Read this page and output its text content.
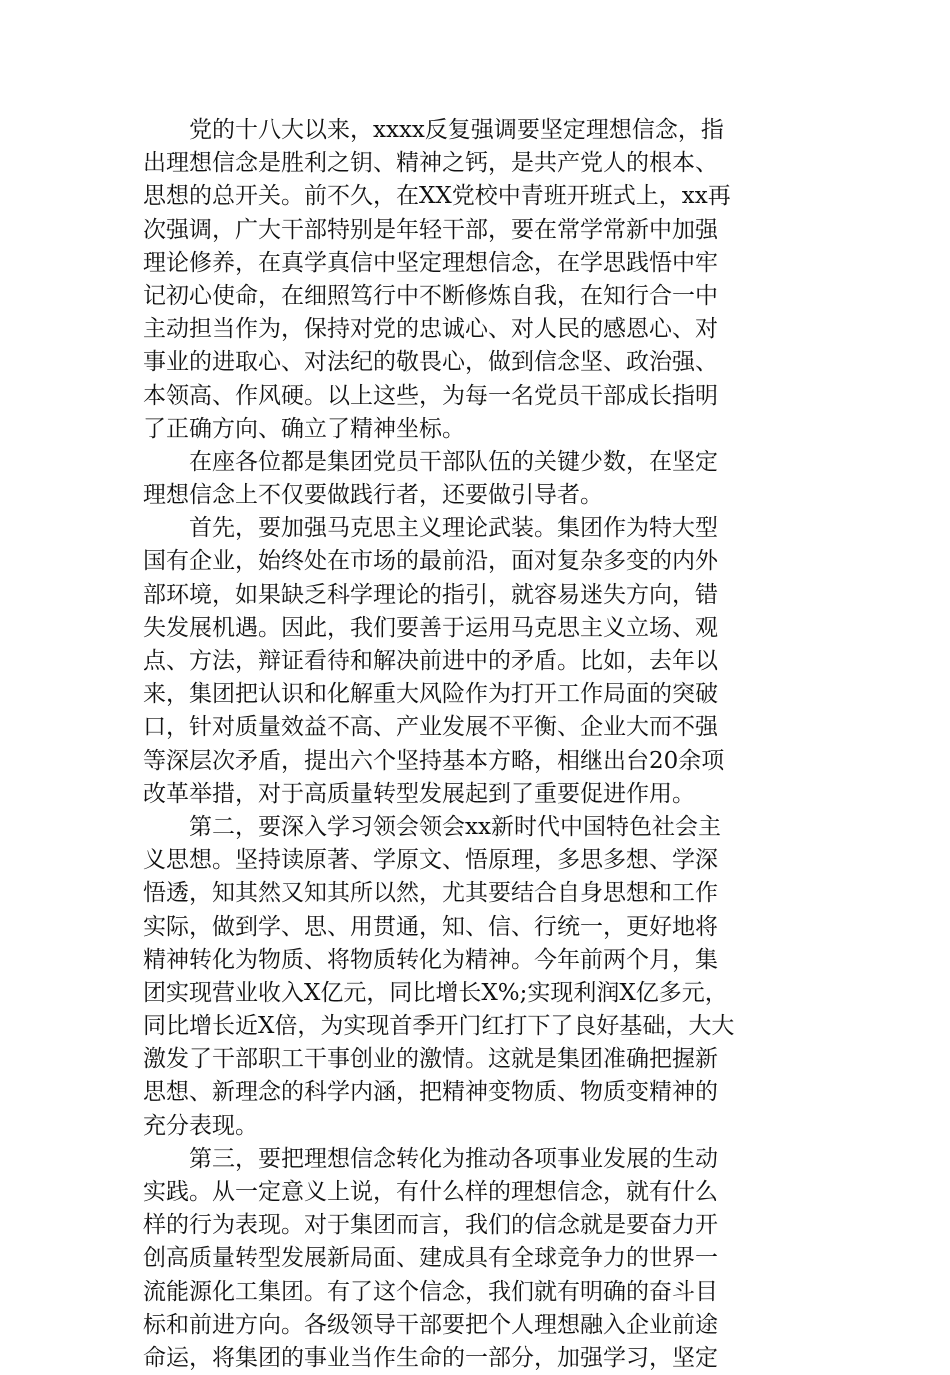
　　党的十八大以来，xxxx反复强调要坚定理想信念，指
出理想信念是胜利之钥、精神之钙，是共产党人的根本、
思想的总开关。前不久，在XX党校中青班开班式上，xx再
次强调，广大干部特别是年轻干部，要在常学常新中加强
理论修养，在真学真信中坚定理想信念，在学思践悟中牢
记初心使命，在细照笃行中不断修炼自我，在知行合一中
主动担当作为，保持对党的忠诚心、对人民的感恩心、对
事业的进取心、对法纪的敬畏心，做到信念坚、政治强、
本领高、作风硬。以上这些，为每一名党员干部成长指明
了正确方向、确立了精神坐标。

　　在座各位都是集团党员干部队伍的关键少数，在坚定
理想信念上不仅要做践行者，还要做引导者。

　　首先，要加强马克思主义理论武装。集团作为特大型
国有企业，始终处在市场的最前沿，面对复杂多变的内外
部环境，如果缺乏科学理论的指引，就容易迷失方向，错
失发展机遇。因此，我们要善于运用马克思主义立场、观
点、方法，辩证看待和解决前进中的矛盾。比如，去年以
来，集团把认识和化解重大风险作为打开工作局面的突破
口，针对质量效益不高、产业发展不平衡、企业大而不强
等深层次矛盾，提出六个坚持基本方略，相继出台20余项
改革举措，对于高质量转型发展起到了重要促进作用。

　　第二，要深入学习领会领会xx新时代中国特色社会主
义思想。坚持读原著、学原文、悟原理，多思多想、学深
悟透，知其然又知其所以然，尤其要结合自身思想和工作
实际，做到学、思、用贯通，知、信、行统一，更好地将
精神转化为物质、将物质转化为精神。今年前两个月，集
团实现营业收入X亿元，同比增长X%;实现利润X亿多元，
同比增长近X倍，为实现首季开门红打下了良好基础，大大
激发了干部职工干事创业的激情。这就是集团准确把握新
思想、新理念的科学内涵，把精神变物质、物质变精神的
充分表现。

　　第三，要把理想信念转化为推动各项事业发展的生动
实践。从一定意义上说，有什么样的理想信念，就有什么
样的行为表现。对于集团而言，我们的信念就是要奋力开
创高质量转型发展新局面、建成具有全球竞争力的世界一
流能源化工集团。有了这个信念，我们就有明确的奋斗目
标和前进方向。各级领导干部要把个人理想融入企业前途
命运，将集团的事业当作生命的一部分，加强学习，坚定
